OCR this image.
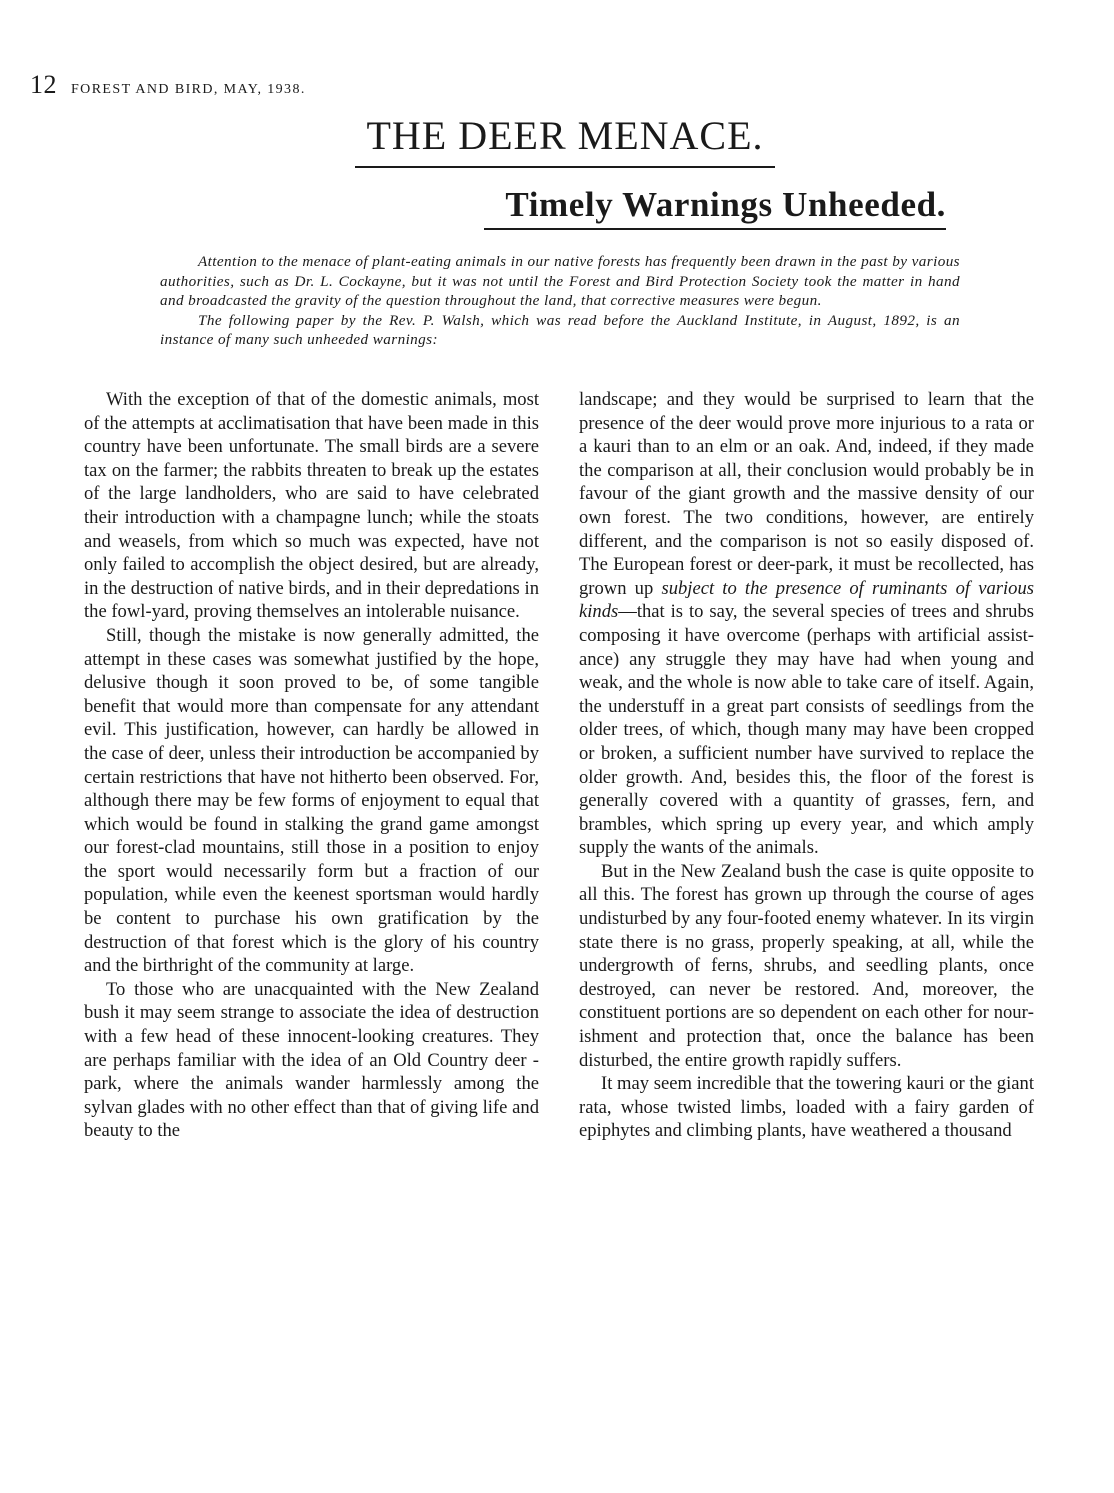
12 FOREST AND BIRD, MAY, 1938.
THE DEER MENACE.
Timely Warnings Unheeded.

Attention to the menace of plant-eating animals in our native forests has frequently been drawn in the past by various authorities, such as Dr. L. Cockayne, but it was not until the Forest and Bird Protection Society took the matter in hand and broadcasted the gravity of the question throughout the land, that corrective measures were begun.

The following paper by the Rev. P. Walsh, which was read before the Auckland Institute, in August, 1892, is an instance of many such unheeded warnings:

With the exception of that of the domestic animals, most of the attempts at acclimatisation that have been made in this country have been unfortunate. The small birds are a severe tax on the farmer; the rabbits threaten to break up the estates of the large landholders, who are said to have celebrated their introduction with a champagne lunch; while the stoats and weasels, from which so much was expected, have not only failed to accomplish the object desired, but are already, in the destruction of native birds, and in their depredations in the fowl-yard, proving themselves an intolerable nuisance.

Still, though the mistake is now generally admitted, the attempt in these cases was somewhat justified by the hope, delusive though it soon proved to be, of some tangible benefit that would more than compensate for any attendant evil. This justification, however, can hardly be allowed in the case of deer, unless their introduction be accompanied by certain restrictions that have not hitherto been observed. For, although there may be few forms of enjoyment to equal that which would be found in stalking the grand game amongst our forest-clad mountains, still those in a position to enjoy the sport would necessarily form but a fraction of our population, while even the keenest sportsman would hardly be content to purchase his own gratification by the destruction of that forest which is the glory of his country and the birthright of the community at large.

To those who are unacquainted with the New Zealand bush it may seem strange to associate the idea of destruction with a few head of these innocent-looking creatures. They are perhaps familiar with the idea of an Old Country deer - park, where the animals wander harmlessly among the sylvan glades with no other effect than that of giving life and beauty to the

landscape; and they would be surprised to learn that the presence of the deer would prove more injurious to a rata or a kauri than to an elm or an oak. And, indeed, if they made the comparison at all, their conclusion would probably be in favour of the giant growth and the massive density of our own forest. The two conditions, however, are entirely different, and the comparison is not so easily disposed of. The European forest or deer-park, it must be recollected, has grown up subject to the presence of ruminants of various kinds—that is to say, the several species of trees and shrubs composing it have overcome (perhaps with artificial assistance) any struggle they may have had when young and weak, and the whole is now able to take care of itself. Again, the understuff in a great part consists of seedlings from the older trees, of which, though many may have been cropped or broken, a sufficient number have survived to replace the older growth. And, besides this, the floor of the forest is generally covered with a quantity of grasses, fern, and brambles, which spring up every year, and which amply supply the wants of the animals.

But in the New Zealand bush the case is quite opposite to all this. The forest has grown up through the course of ages undisturbed by any four-footed enemy whatever. In its virgin state there is no grass, properly speaking, at all, while the undergrowth of ferns, shrubs, and seedling plants, once destroyed, can never be restored. And, moreover, the constituent portions are so dependent on each other for nourishment and protection that, once the balance has been disturbed, the entire growth rapidly suffers.

It may seem incredible that the towering kauri or the giant rata, whose twisted limbs, loaded with a fairy garden of epiphytes and climbing plants, have weathered a thousand
